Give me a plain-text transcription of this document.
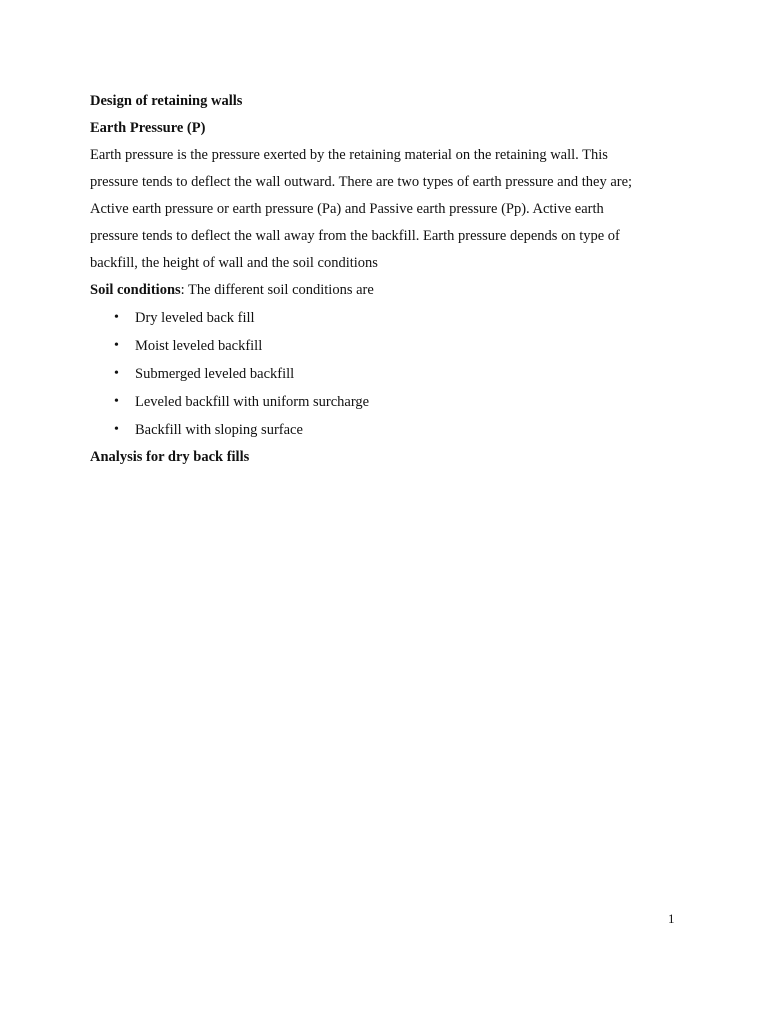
Design of retaining walls

Earth Pressure (P)

Earth pressure is the pressure exerted by the retaining material on the retaining wall. This
pressure tends to deflect the wall outward. There are two types of earth pressure and they are;
Active earth pressure or earth pressure (Pa) and Passive earth pressure (Pp). Active earth
pressure tends to deflect the wall away from the backfill. Earth pressure depends on type of
backfill, the height of wall and the soil conditions

Soil conditions: The different soil conditions are

• Dry leveled back fill
• Moist leveled backfill
• Submerged leveled backfill
• Leveled backfill with uniform surcharge
• Backfill with sloping surface

Analysis for dry back fills

1
